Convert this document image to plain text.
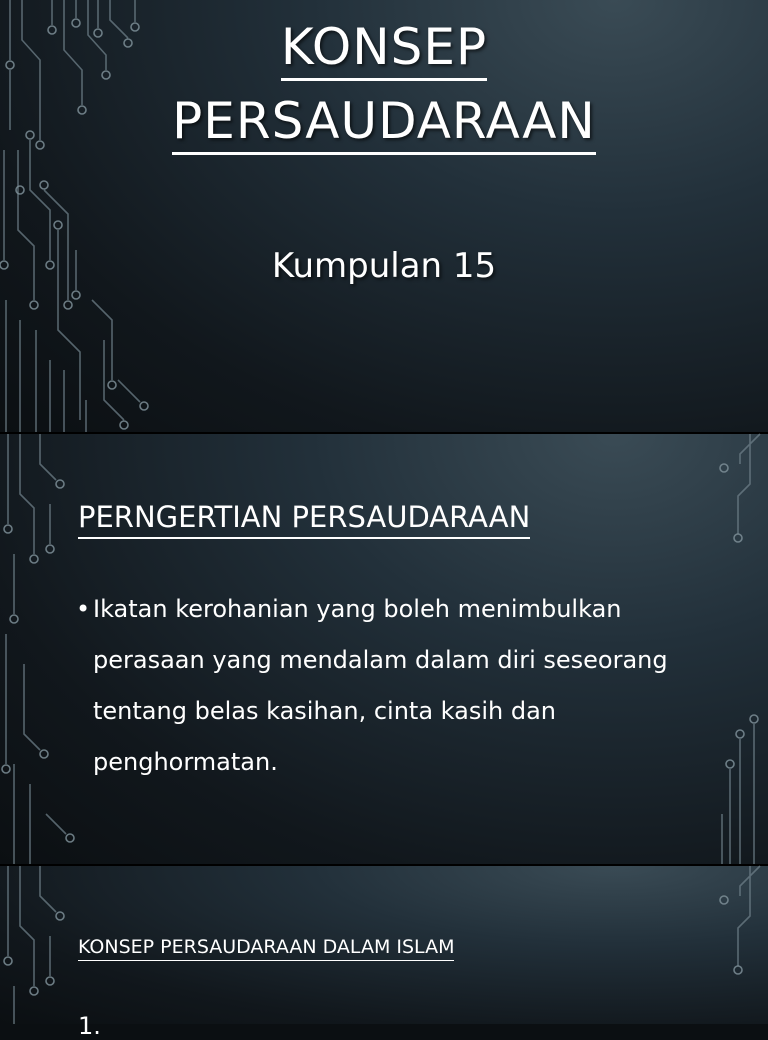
KONSEP
PERSAUDARAAN
Kumpulan 15
PERNGERTIAN PERSAUDARAAN
• Ikatan kerohanian yang boleh menimbulkan perasaan yang mendalam dalam diri seseorang tentang belas kasihan, cinta kasih dan penghormatan.
KONSEP PERSAUDARAAN DALAM ISLAM
1.
